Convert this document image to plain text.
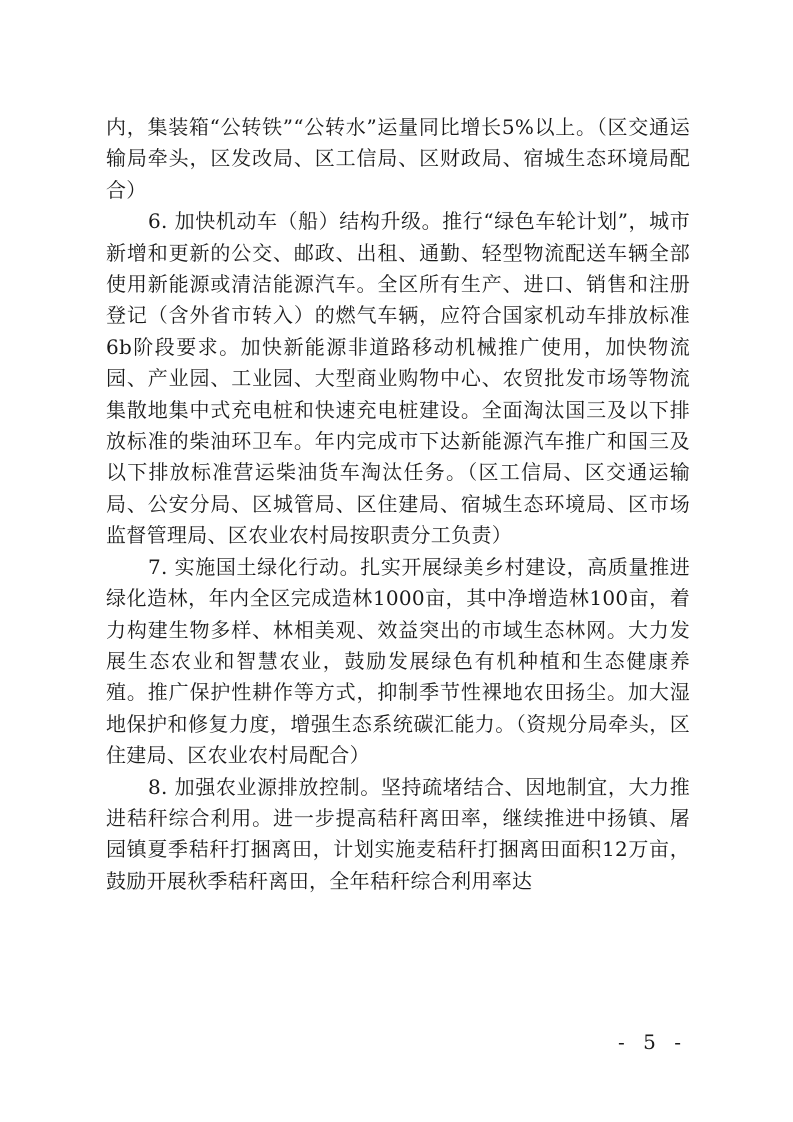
内，集装箱“公转铁”“公转水”运量同比增长5%以上。（区交通运输局牵头，区发改局、区工信局、区财政局、宿城生态环境局配合）

6. 加快机动车（船）结构升级。推行“绿色车轮计划”，城市新增和更新的公交、邮政、出租、通勤、轻型物流配送车辆全部使用新能源或清洁能源汽车。全区所有生产、进口、销售和注册登记（含外省市转入）的燃气车辆，应符合国家机动车排放标准6b阶段要求。加快新能源非道路移动机械推广使用，加快物流园、产业园、工业园、大型商业购物中心、农贸批发市场等物流集散地集中式充电桩和快速充电桩建设。全面淘汰国三及以下排放标准的柴油环卫车。年内完成市下达新能源汽车推广和国三及以下排放标准营运柴油货车淘汰任务。（区工信局、区交通运输局、公安分局、区城管局、区住建局、宿城生态环境局、区市场监督管理局、区农业农村局按职责分工负责）

7. 实施国土绿化行动。扎实开展绿美乡村建设，高质量推进绿化造林，年内全区完成造林1000亩，其中净增造林100亩，着力构建生物多样、林相美观、效益突出的市域生态林网。大力发展生态农业和智慧农业，鼓励发展绿色有机种植和生态健康养殖。推广保护性耕作等方式，抑制季节性裸地农田扬尘。加大湿地保护和修复力度，增强生态系统碳汇能力。（资规分局牵头，区住建局、区农业农村局配合）

8. 加强农业源排放控制。坚持疏堵结合、因地制宜，大力推进秸秆综合利用。进一步提高秸秆离田率，继续推进中扬镇、屠园镇夏季秸秆打捆离田，计划实施麦秸秆打捆离田面积12万亩，鼓励开展秋季秸秆离田，全年秸秆综合利用率达

- 5 -
